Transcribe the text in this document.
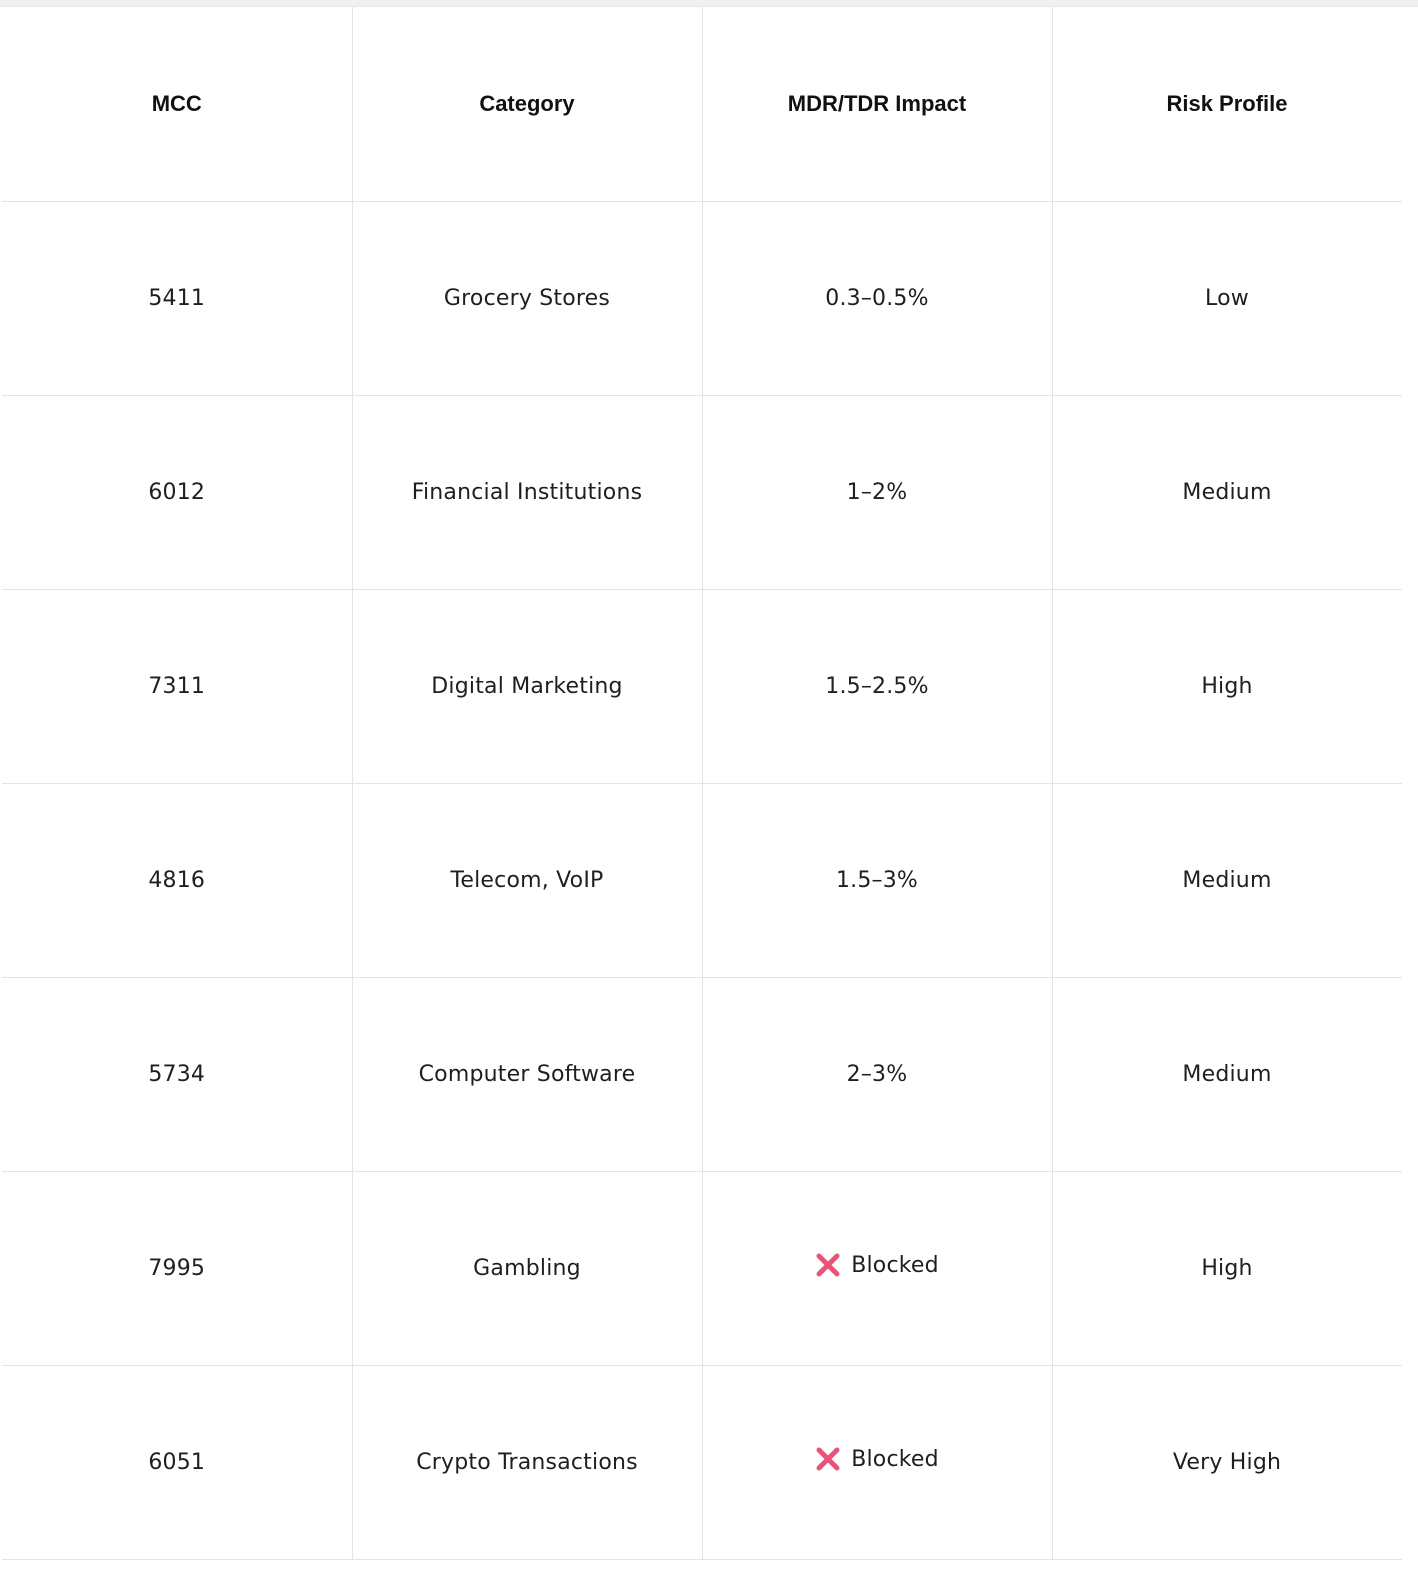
MCC	Category	MDR/TDR Impact	Risk Profile
5411	Grocery Stores	0.3–0.5%	Low
6012	Financial Institutions	1–2%	Medium
7311	Digital Marketing	1.5–2.5%	High
4816	Telecom, VoIP	1.5–3%	Medium
5734	Computer Software	2–3%	Medium
7995	Gambling	Blocked	High
6051	Crypto Transactions	Blocked	Very High
